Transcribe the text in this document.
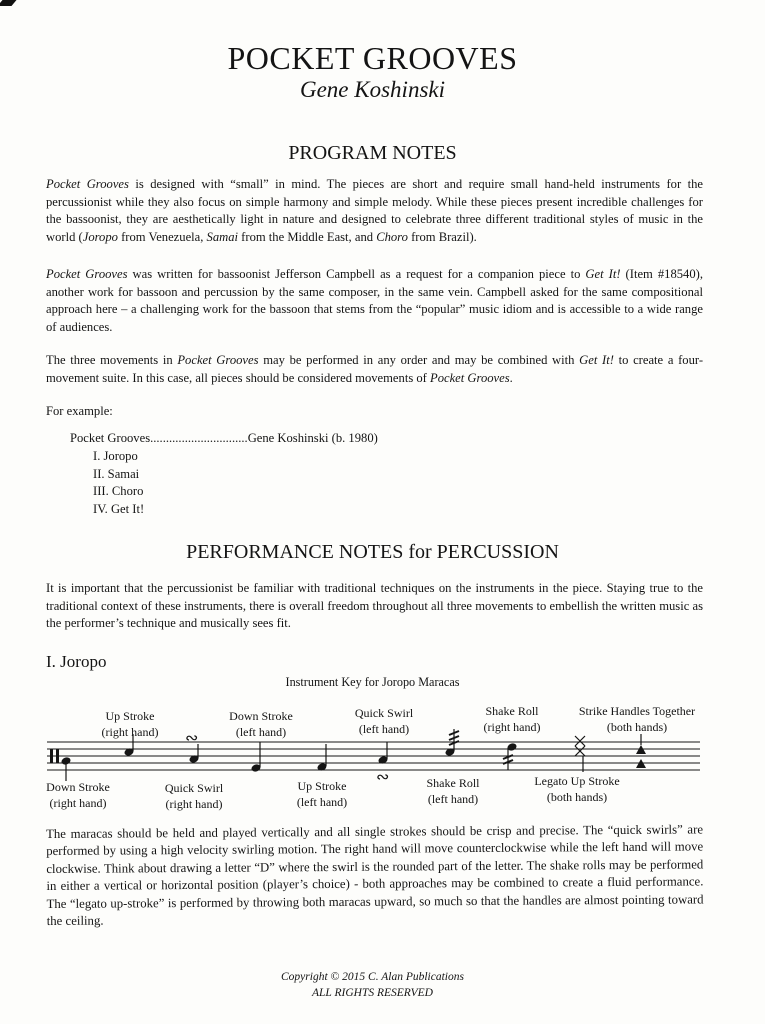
POCKET GROOVES
Gene Koshinski
PROGRAM NOTES

Pocket Grooves is designed with “small” in mind. The pieces are short and require small hand-held instruments for the percussionist while they also focus on simple harmony and simple melody. While these pieces present incredible challenges for the bassoonist, they are aesthetically light in nature and designed to celebrate three different traditional styles of music in the world (Joropo from Venezuela, Samai from the Middle East, and Choro from Brazil).

Pocket Grooves was written for bassoonist Jefferson Campbell as a request for a companion piece to Get It! (Item #18540), another work for bassoon and percussion by the same composer, in the same vein. Campbell asked for the same compositional approach here – a challenging work for the bassoon that stems from the “popular” music idiom and is accessible to a wide range of audiences.

The three movements in Pocket Grooves may be performed in any order and may be combined with Get It! to create a four-movement suite. In this case, all pieces should be considered movements of Pocket Grooves.

For example:
Pocket Grooves...............................Gene Koshinski (b. 1980)
I. Joropo
II. Samai
III. Choro
IV. Get It!
PERFORMANCE NOTES for PERCUSSION

It is important that the percussionist be familiar with traditional techniques on the instruments in the piece. Staying true to the traditional context of these instruments, there is overall freedom throughout all three movements to embellish the written music as the performer’s technique and musically sees fit.

I. Joropo
Instrument Key for Joropo Maracas
Up Stroke
(right hand)
Down Stroke
(left hand)
Quick Swirl
(left hand)
Shake Roll
(right hand)
Strike Handles Together
(both hands)
∾
∾
Down Stroke
(right hand)
Quick Swirl
(right hand)
Up Stroke
(left hand)
Shake Roll
(left hand)
Legato Up Stroke
(both hands)

The maracas should be held and played vertically and all single strokes should be crisp and precise. The “quick swirls” are performed by using a high velocity swirling motion. The right hand will move counterclockwise while the left hand will move clockwise. Think about drawing a letter “D” where the swirl is the rounded part of the letter. The shake rolls may be performed in either a vertical or horizontal position (player’s choice) - both approaches may be combined to create a fluid performance. The “legato up-stroke” is performed by throwing both maracas upward, so much so that the handles are almost pointing toward the ceiling.

Copyright © 2015 C. Alan Publications
ALL RIGHTS RESERVED
